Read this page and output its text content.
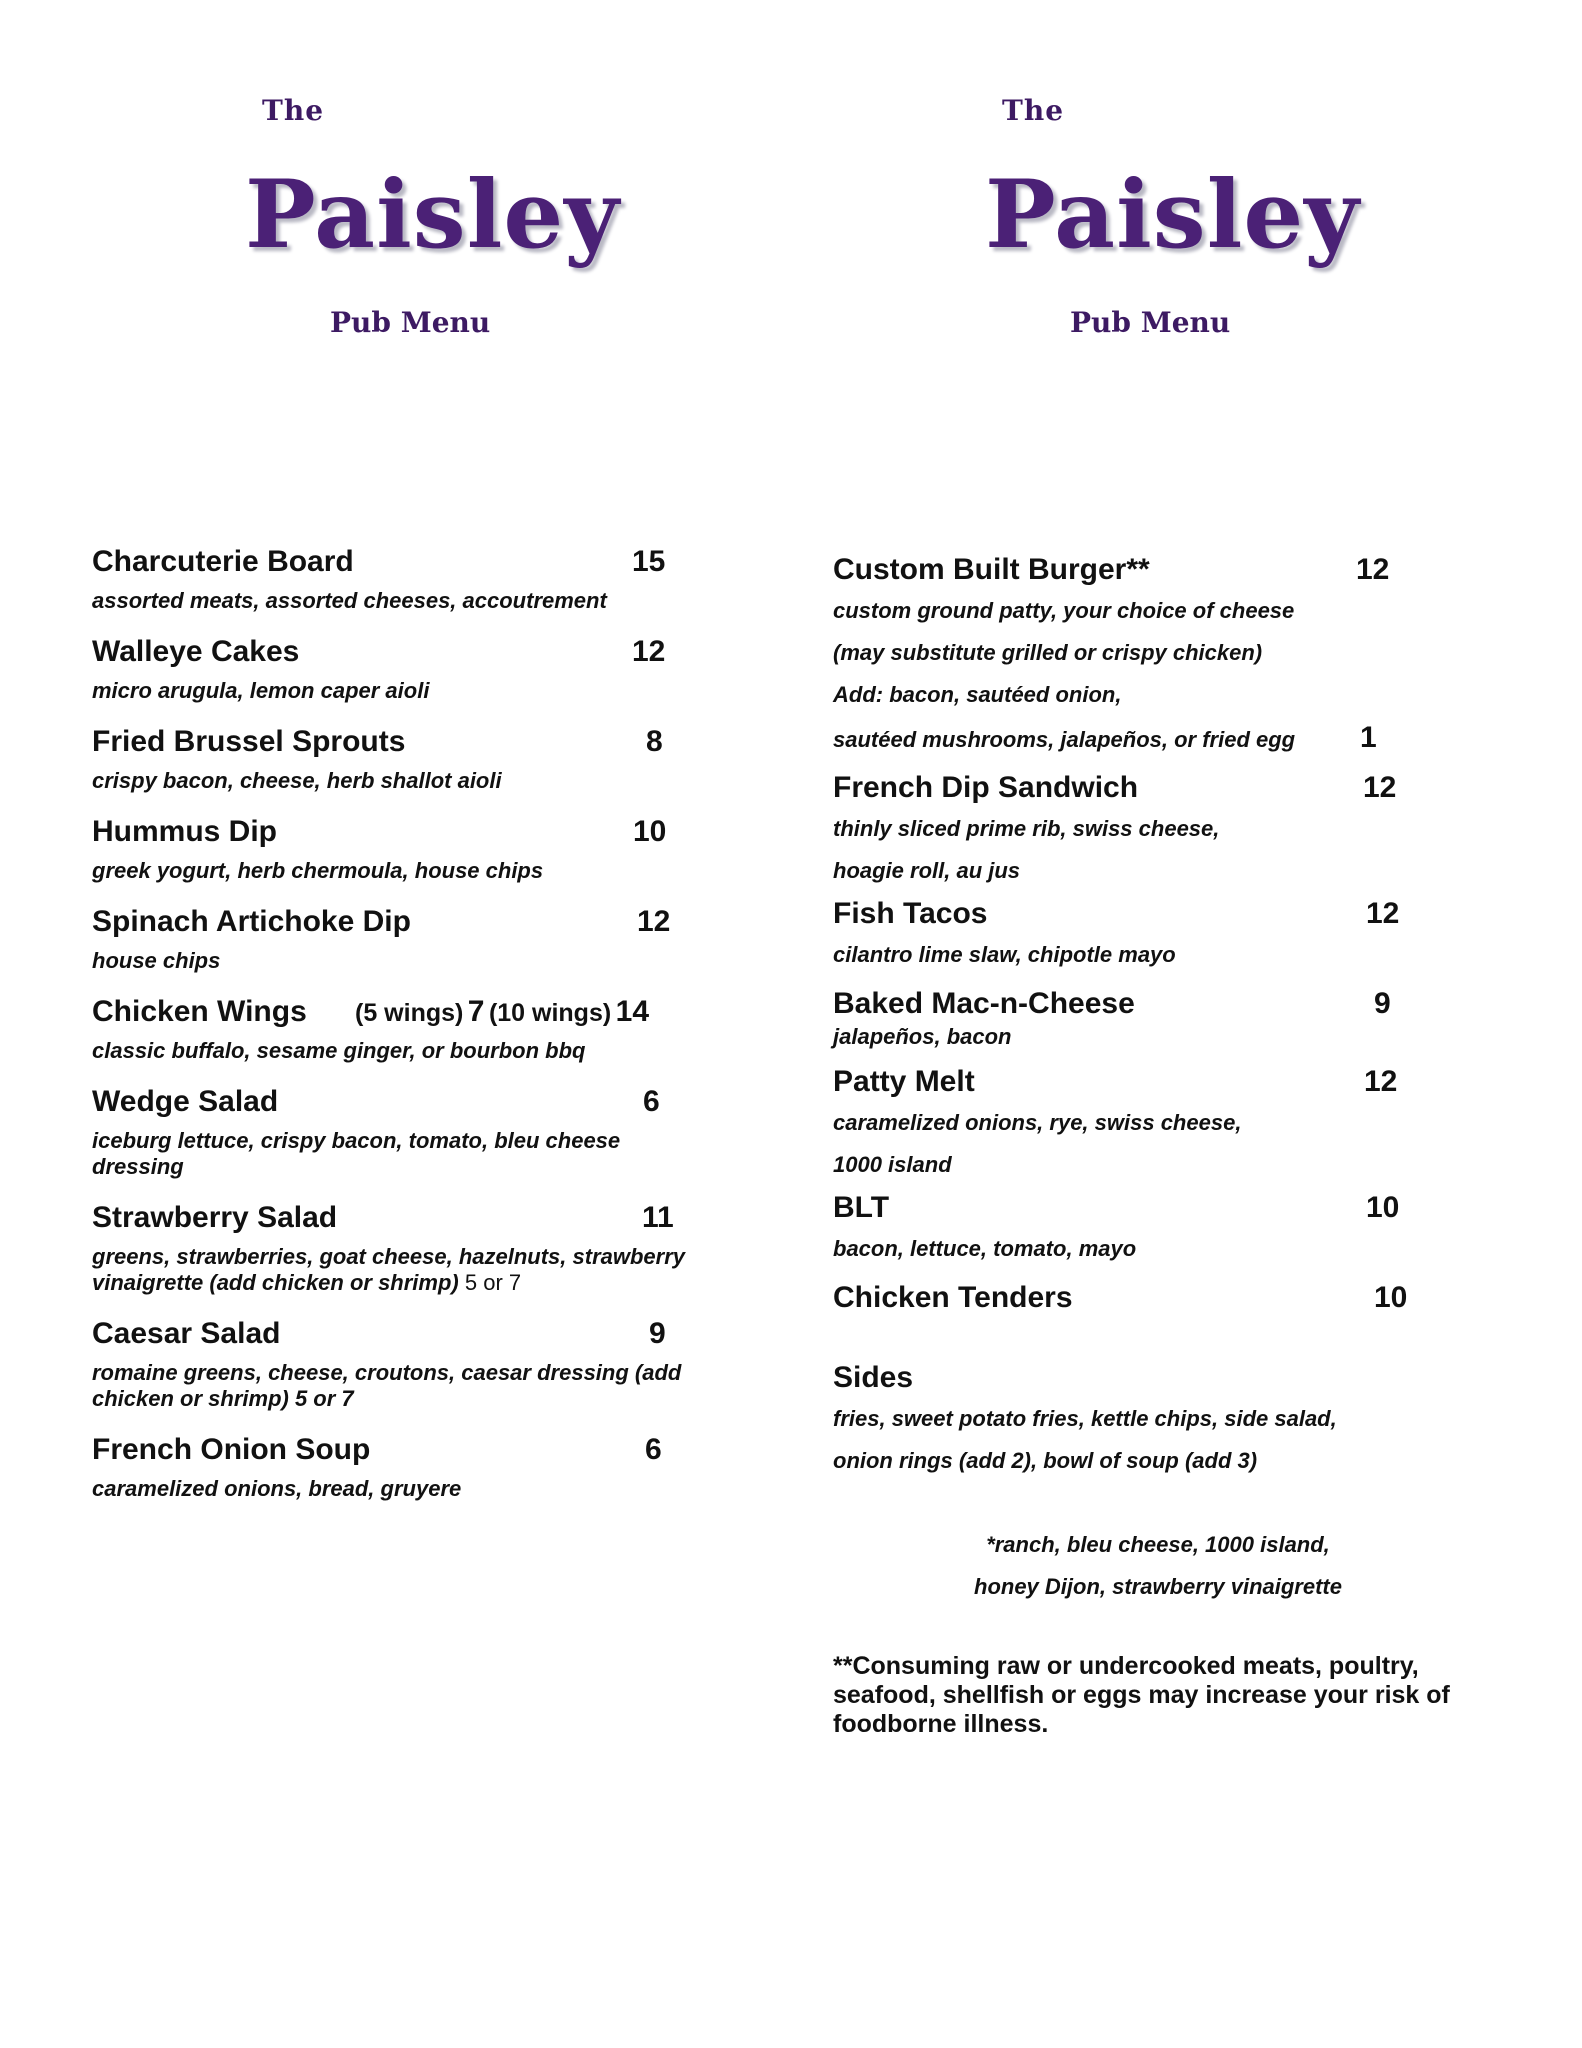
The
Paisley
Pub Menu
The
Paisley
Pub Menu
Charcuterie Board	15
assorted meats, assorted cheeses, accoutrement
Walleye Cakes	12
micro arugula, lemon caper aioli
Fried Brussel Sprouts	8
crispy bacon, cheese, herb shallot aioli
Hummus Dip	10
greek yogurt, herb chermoula, house chips
Spinach Artichoke Dip	12
house chips
Chicken Wings (5 wings) 7 (10 wings) 14
classic buffalo, sesame ginger, or bourbon bbq
Wedge Salad	6
iceburg lettuce, crispy bacon, tomato, bleu cheese dressing
Strawberry Salad	11
greens, strawberries, goat cheese, hazelnuts, strawberry vinaigrette (add chicken or shrimp) 5 or 7
Caesar Salad	9
romaine greens, cheese, croutons, caesar dressing (add chicken or shrimp) 5 or 7
French Onion Soup	6
caramelized onions, bread, gruyere
Custom Built Burger**	12
custom ground patty, your choice of cheese
(may substitute grilled or crispy chicken)
Add: bacon, sautéed onion,
sautéed mushrooms, jalapeños, or fried egg 1
French Dip Sandwich	12
thinly sliced prime rib, swiss cheese,
hoagie roll, au jus
Fish Tacos	12
cilantro lime slaw, chipotle mayo
Baked Mac-n-Cheese	9
jalapeños, bacon
Patty Melt	12
caramelized onions, rye, swiss cheese,
1000 island
BLT	10
bacon, lettuce, tomato, mayo
Chicken Tenders	10
Sides
fries, sweet potato fries, kettle chips, side salad,
onion rings (add 2), bowl of soup (add 3)
*ranch, bleu cheese, 1000 island,
honey Dijon, strawberry vinaigrette
**Consuming raw or undercooked meats, poultry, seafood, shellfish or eggs may increase your risk of foodborne illness.
